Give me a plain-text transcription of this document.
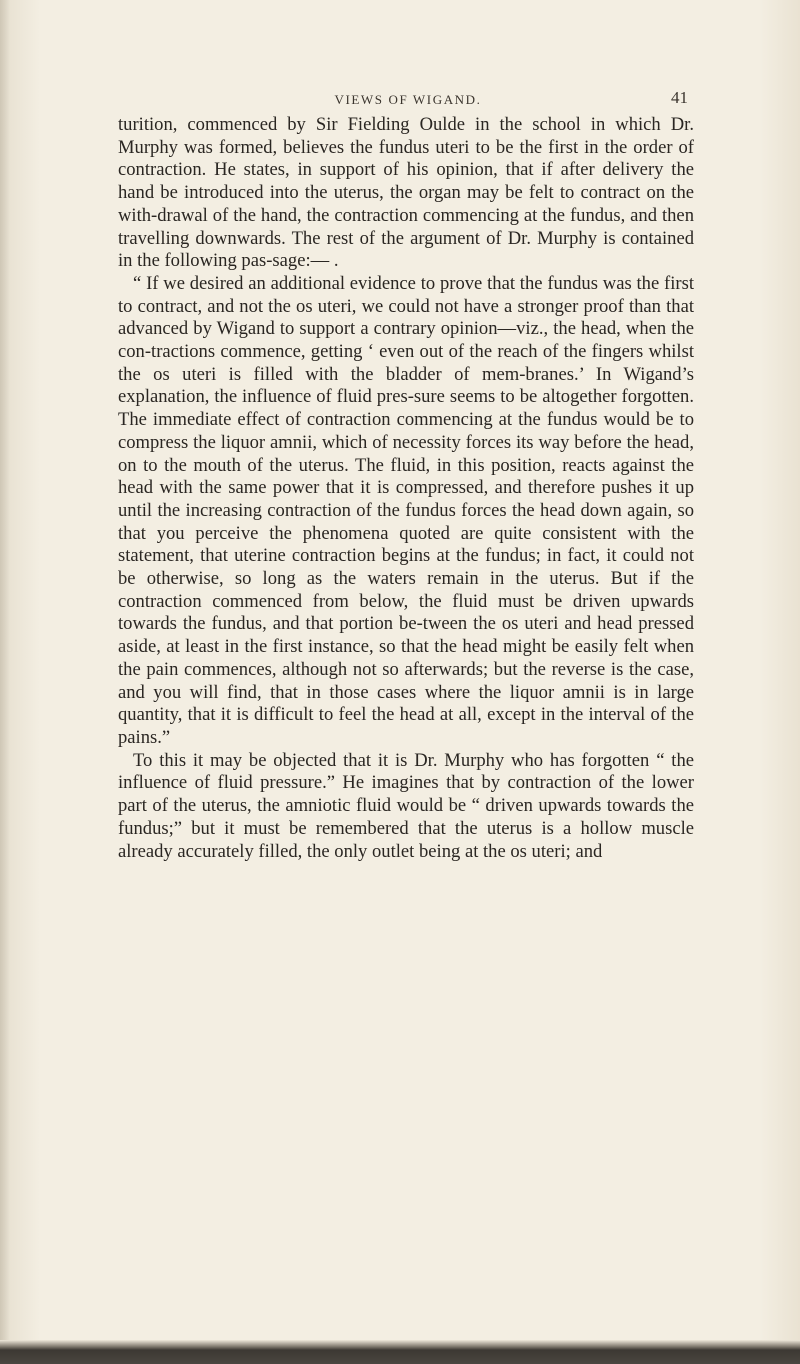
VIEWS OF WIGAND.	41

turition, commenced by Sir Fielding Oulde in the school in which Dr. Murphy was formed, believes the fundus uteri to be the first in the order of contraction. He states, in support of his opinion, that if after delivery the hand be introduced into the uterus, the organ may be felt to contract on the with-drawal of the hand, the contraction commencing at the fundus, and then travelling downwards. The rest of the argument of Dr. Murphy is contained in the following pas-sage:— .

“ If we desired an additional evidence to prove that the fundus was the first to contract, and not the os uteri, we could not have a stronger proof than that advanced by Wigand to support a contrary opinion—viz., the head, when the con-tractions commence, getting ‘ even out of the reach of the fingers whilst the os uteri is filled with the bladder of mem-branes.’ In Wigand’s explanation, the influence of fluid pres-sure seems to be altogether forgotten. The immediate effect of contraction commencing at the fundus would be to compress the liquor amnii, which of necessity forces its way before the head, on to the mouth of the uterus. The fluid, in this position, reacts against the head with the same power that it is compressed, and therefore pushes it up until the increasing contraction of the fundus forces the head down again, so that you perceive the phenomena quoted are quite consistent with the statement, that uterine contraction begins at the fundus; in fact, it could not be otherwise, so long as the waters remain in the uterus. But if the contraction commenced from below, the fluid must be driven upwards towards the fundus, and that portion be-tween the os uteri and head pressed aside, at least in the first instance, so that the head might be easily felt when the pain commences, although not so afterwards; but the reverse is the case, and you will find, that in those cases where the liquor amnii is in large quantity, that it is difficult to feel the head at all, except in the interval of the pains.”

To this it may be objected that it is Dr. Murphy who has forgotten “ the influence of fluid pressure.” He imagines that by contraction of the lower part of the uterus, the amniotic fluid would be “ driven upwards towards the fundus;” but it must be remembered that the uterus is a hollow muscle already accurately filled, the only outlet being at the os uteri; and
